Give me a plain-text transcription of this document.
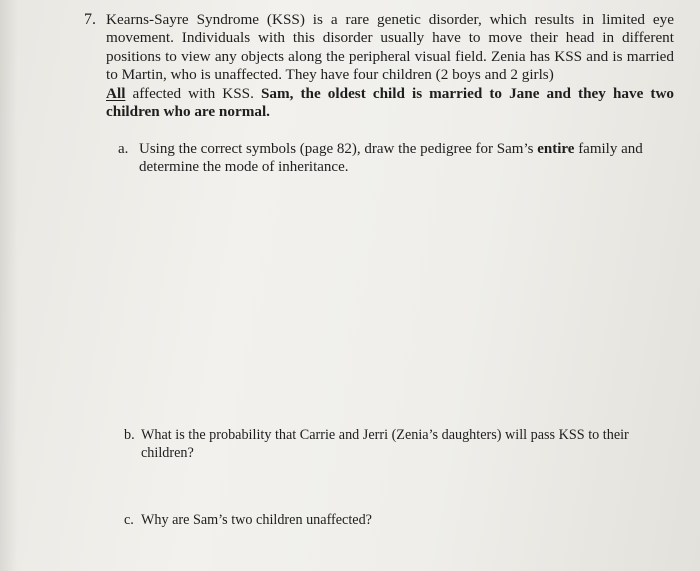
7. Kearns-Sayre Syndrome (KSS) is a rare genetic disorder, which results in limited eye movement. Individuals with this disorder usually have to move their head in different positions to view any objects along the peripheral visual field. Zenia has KSS and is married to Martin, who is unaffected. They have four children (2 boys and 2 girls)
All affected with KSS. Sam, the oldest child is married to Jane and they have two children who are normal.

a. Using the correct symbols (page 82), draw the pedigree for Sam’s entire family and determine the mode of inheritance.
b. What is the probability that Carrie and Jerri (Zenia’s daughters) will pass KSS to their children?
c. Why are Sam’s two children unaffected?
